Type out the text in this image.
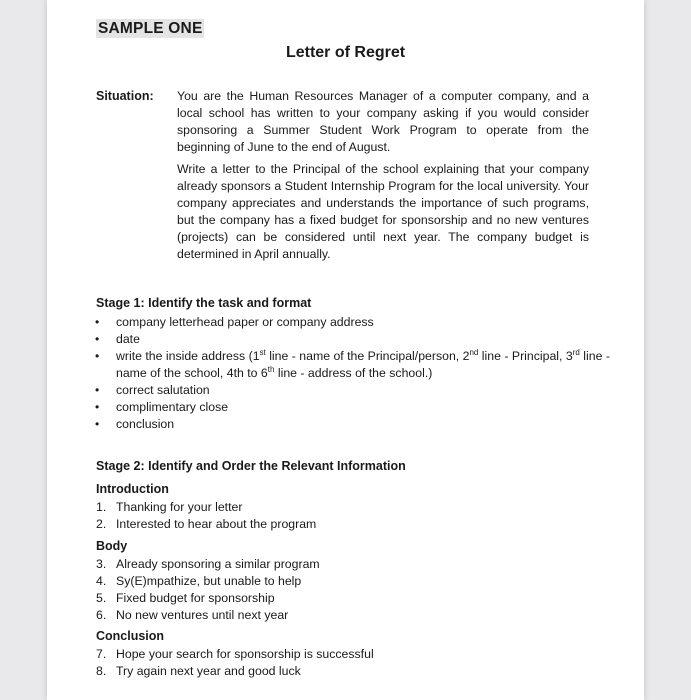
SAMPLE ONE
Letter of Regret
Situation: You are the Human Resources Manager of a computer company, and a local school has written to your company asking if you would consider sponsoring a Summer Student Work Program to operate from the beginning of June to the end of August.
Write a letter to the Principal of the school explaining that your company already sponsors a Student Internship Program for the local university. Your company appreciates and understands the importance of such programs, but the company has a fixed budget for sponsorship and no new ventures (projects) can be considered until next year. The company budget is determined in April annually.
Stage 1: Identify the task and format
• company letterhead paper or company address
• date
• write the inside address (1st line - name of the Principal/person, 2nd line - Principal, 3rd line - name of the school, 4th to 6th line - address of the school.)
• correct salutation
• complimentary close
• conclusion
Stage 2: Identify and Order the Relevant Information
Introduction
1. Thanking for your letter
2. Interested to hear about the program
Body
3. Already sponsoring a similar program
4. Sy(E)mpathize, but unable to help
5. Fixed budget for sponsorship
6. No new ventures until next year
Conclusion
7. Hope your search for sponsorship is successful
8. Try again next year and good luck
